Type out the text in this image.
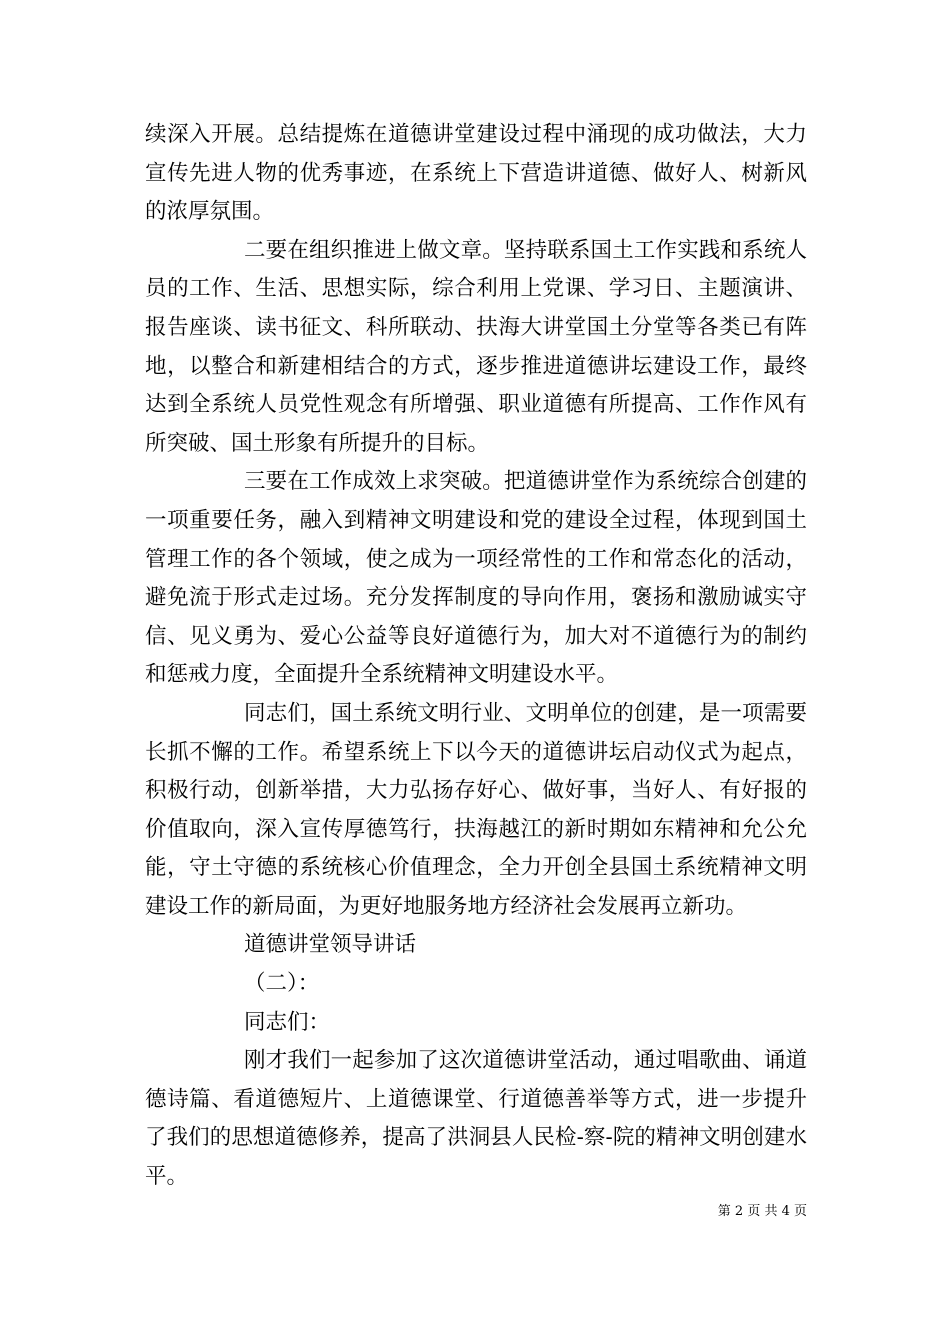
续深入开展。总结提炼在道德讲堂建设过程中涌现的成功做法，大力宣传先进人物的优秀事迹，在系统上下营造讲道德、做好人、树新风的浓厚氛围。

二要在组织推进上做文章。坚持联系国土工作实践和系统人员的工作、生活、思想实际，综合利用上党课、学习日、主题演讲、报告座谈、读书征文、科所联动、扶海大讲堂国土分堂等各类已有阵地，以整合和新建相结合的方式，逐步推进道德讲坛建设工作，最终达到全系统人员党性观念有所增强、职业道德有所提高、工作作风有所突破、国土形象有所提升的目标。

三要在工作成效上求突破。把道德讲堂作为系统综合创建的一项重要任务，融入到精神文明建设和党的建设全过程，体现到国土管理工作的各个领域，使之成为一项经常性的工作和常态化的活动，避免流于形式走过场。充分发挥制度的导向作用，褒扬和激励诚实守信、见义勇为、爱心公益等良好道德行为，加大对不道德行为的制约和惩戒力度，全面提升全系统精神文明建设水平。

同志们，国土系统文明行业、文明单位的创建，是一项需要长抓不懈的工作。希望系统上下以今天的道德讲坛启动仪式为起点，积极行动，创新举措，大力弘扬存好心、做好事，当好人、有好报的价值取向，深入宣传厚德笃行，扶海越江的新时期如东精神和允公允能，守土守德的系统核心价值理念，全力开创全县国土系统精神文明建设工作的新局面，为更好地服务地方经济社会发展再立新功。

道德讲堂领导讲话

（二）：

同志们：

刚才我们一起参加了这次道德讲堂活动，通过唱歌曲、诵道德诗篇、看道德短片、上道德课堂、行道德善举等方式，进一步提升了我们的思想道德修养，提高了洪洞县人民检-察-院的精神文明创建水平。

第 2 页 共 4 页
